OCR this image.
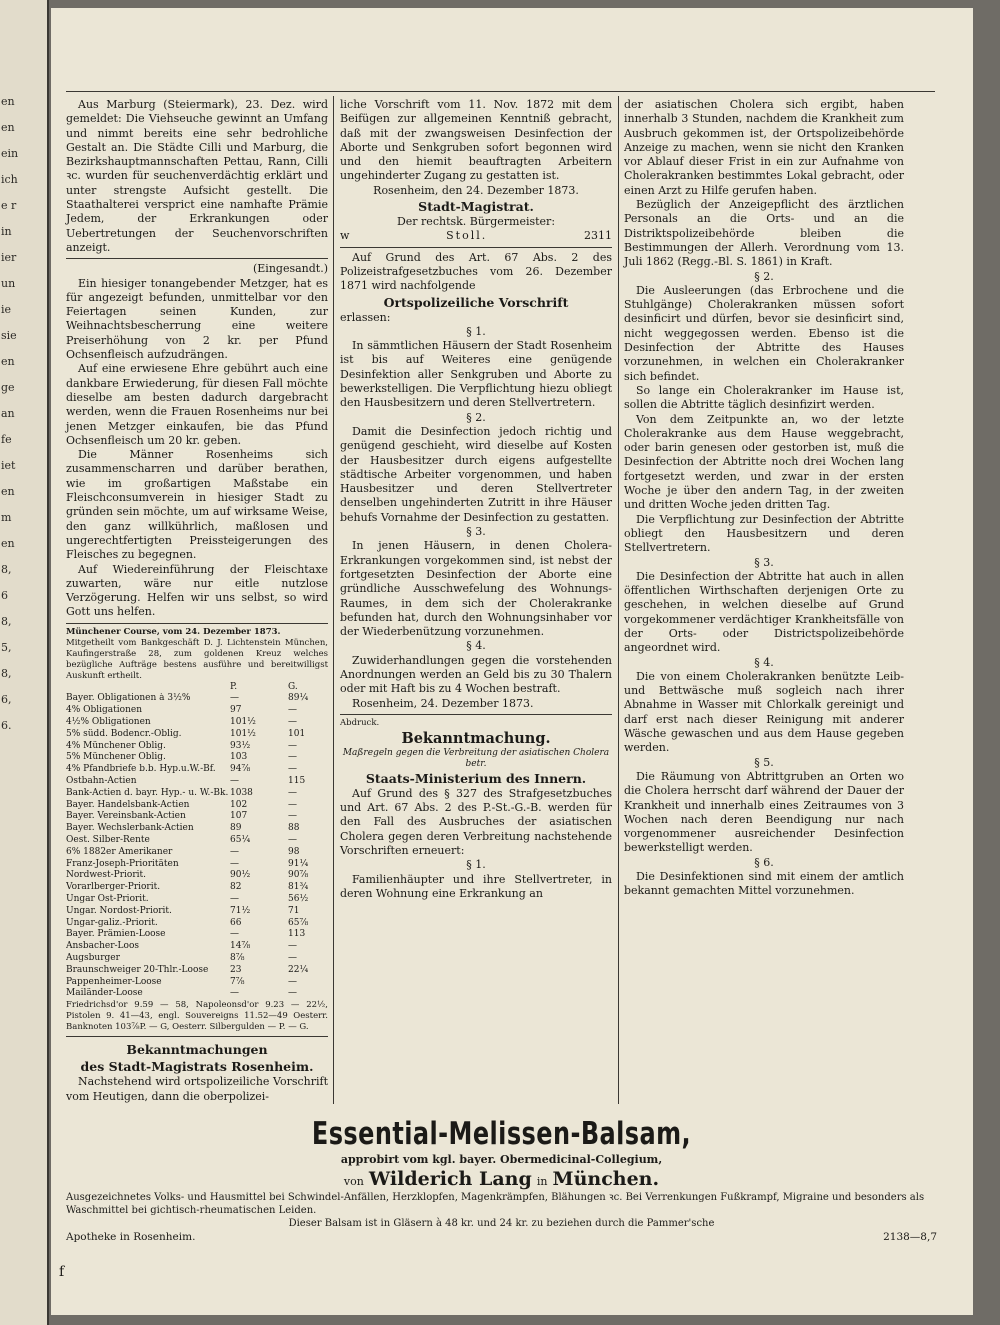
en
en
ein
ich
e r
in
ier
un
ie
sie
en
ge
an
fe
iet
en
m
en
8,
6
8,
5,
8,
6,
6.

Aus Marburg (Steiermark), 23. Dez. wird gemeldet: Die Viehseuche gewinnt an Umfang und nimmt bereits eine sehr bedrohliche Gestalt an. Die Städte Cilli und Marburg, die Bezirkshauptmannschaften Pettau, Rann, Cilli ꝛc. wurden für seuchenverdächtig erklärt und unter strengste Aufsicht gestellt. Die Staathalterei versprict eine namhafte Prämie Jedem, der Erkrankungen oder Uebertretungen der Seuchenvorschriften anzeigt.

(Eingesandt.)

Ein hiesiger tonangebender Metzger, hat es für angezeigt befunden, unmittelbar vor den Feiertagen seinen Kunden, zur Weihnachtsbescherrung eine weitere Preiserhöhung von 2 kr. per Pfund Ochsenfleisch aufzudrängen.

Auf eine erwiesene Ehre gebührt auch eine dankbare Erwiederung, für diesen Fall möchte dieselbe am besten dadurch dargebracht werden, wenn die Frauen Rosenheims nur bei jenen Metzger einkaufen, bie das Pfund Ochsenfleisch um 20 kr. geben.

Die Männer Rosenheims sich zusammenscharren und darüber berathen, wie im großartigen Maßstabe ein Fleischconsumverein in hiesiger Stadt zu gründen sein möchte, um auf wirksame Weise, den ganz willkührlich, maßlosen und ungerechtfertigten Preissteigerungen des Fleisches zu begegnen.

Auf Wiedereinführung der Fleischtaxe zuwarten, wäre nur eitle nutzlose Verzögerung. Helfen wir uns selbst, so wird Gott uns helfen.

Münchener Course, vom 24. Dezember 1873.

Mitgetheilt vom Bankgeschäft D. J. Lichtenstein München, Kaufingerstraße 28, zum goldenen Kreuz welches bezügliche Aufträge bestens ausführe und bereitwilligst Auskunft ertheilt.

P.	G.
Bayer. Obligationen à 3½%	—	89¼
4% Obligationen	97	—
4½% Obligationen	101½	—
5% südd. Bodencr.-Oblig.	101½	101
4% Münchener Oblig.	93½	—
5% Münchener Oblig.	103	—
4% Pfandbriefe b.b. Hyp.u.W.-Bf.	94⅞	—
Ostbahn-Actien	—	115
Bank-Actien d. bayr. Hyp.- u. W.-Bk. 1038	—
Bayer. Handelsbank-Actien	102	—
Bayer. Vereinsbank-Actien	107	—
Bayer. Wechslerbank-Actien	89	88
Oest. Silber-Rente	65¼	—
6% 1882er Amerikaner	—	98
Franz-Joseph-Prioritäten	—	91¼
Nordwest-Priorit.	90½	90⅞
Vorarlberger-Priorit.	82	81¾
Ungar Ost-Priorit.	—	56½
Ungar. Nordost-Priorit.	71½	71
Ungar-galiz.-Priorit.	66	65⅞
Bayer. Prämien-Loose	—	113
Ansbacher-Loos	14⅞	—
Augsburger	8⅞	—
Braunschweiger 20-Thlr.-Loose	23	22¼
Pappenheimer-Loose	7⅞	—
Mailänder-Loose	—	—

Friedrichsd'or 9.59 — 58, Napoleonsd'or 9.23 — 22½, Pistolen 9. 41—43, engl. Souvereigns 11.52—49 Oesterr. Banknoten 103⅞P. — G, Oesterr. Silbergulden — P. — G.

Bekanntmachungen
des Stadt-Magistrats Rosenheim.

Nachstehend wird ortspolizeiliche Vorschrift vom Heutigen, dann die oberpolizei-

liche Vorschrift vom 11. Nov. 1872 mit dem Beifügen zur allgemeinen Kenntniß gebracht, daß mit der zwangsweisen Desinfection der Aborte und Senkgruben sofort begonnen wird und den hiemit beauftragten Arbeitern ungehinderter Zugang zu gestatten ist.

Rosenheim, den 24. Dezember 1873.

Stadt-Magistrat.

Der rechtsk. Bürgermeister:

w	Stoll.	2311

Auf Grund des Art. 67 Abs. 2 des Polizeistrafgesetzbuches vom 26. Dezember 1871 wird nachfolgende

Ortspolizeiliche Vorschrift

erlassen:

§ 1.

In sämmtlichen Häusern der Stadt Rosenheim ist bis auf Weiteres eine genügende Desinfektion aller Senkgruben und Aborte zu bewerkstelligen. Die Verpflichtung hiezu obliegt den Hausbesitzern und deren Stellvertretern.

§ 2.

Damit die Desinfection jedoch richtig und genügend geschieht, wird dieselbe auf Kosten der Hausbesitzer durch eigens aufgestellte städtische Arbeiter vorgenommen, und haben Hausbesitzer und deren Stellvertreter denselben ungehinderten Zutritt in ihre Häuser behufs Vornahme der Desinfection zu gestatten.

§ 3.

In jenen Häusern, in denen Cholera-Erkrankungen vorgekommen sind, ist nebst der fortgesetzten Desinfection der Aborte eine gründliche Ausschwefelung des Wohnungs-Raumes, in dem sich der Cholerakranke befunden hat, durch den Wohnungsinhaber vor der Wiederbenützung vorzunehmen.

§ 4.

Zuwiderhandlungen gegen die vorstehenden Anordnungen werden an Geld bis zu 30 Thalern oder mit Haft bis zu 4 Wochen bestraft.

Rosenheim, 24. Dezember 1873.

Abdruck.

Bekanntmachung.
Maßregeln gegen die Verbreitung der asiatischen Cholera betr.
Staats-Ministerium des Innern.

Auf Grund des § 327 des Strafgesetzbuches und Art. 67 Abs. 2 des P.-St.-G.-B. werden für den Fall des Ausbruches der asiatischen Cholera gegen deren Verbreitung nachstehende Vorschriften erneuert:

§ 1.

Familienhäupter und ihre Stellvertreter, in deren Wohnung eine Erkrankung an

der asiatischen Cholera sich ergibt, haben innerhalb 3 Stunden, nachdem die Krankheit zum Ausbruch gekommen ist, der Ortspolizeibehörde Anzeige zu machen, wenn sie nicht den Kranken vor Ablauf dieser Frist in ein zur Aufnahme von Cholerakranken bestimmtes Lokal gebracht, oder einen Arzt zu Hilfe gerufen haben.

Bezüglich der Anzeigepflicht des ärztlichen Personals an die Orts- und an die Distriktspolizeibehörde bleiben die Bestimmungen der Allerh. Verordnung vom 13. Juli 1862 (Regg.-Bl. S. 1861) in Kraft.

§ 2.

Die Ausleerungen (das Erbrochene und die Stuhlgänge) Cholerakranken müssen sofort desinficirt und dürfen, bevor sie desinficirt sind, nicht weggegossen werden. Ebenso ist die Desinfection der Abtritte des Hauses vorzunehmen, in welchen ein Cholerakranker sich befindet.

So lange ein Cholerakranker im Hause ist, sollen die Abtritte täglich desinfizirt werden.

Von dem Zeitpunkte an, wo der letzte Cholerakranke aus dem Hause weggebracht, oder barin genesen oder gestorben ist, muß die Desinfection der Abtritte noch drei Wochen lang fortgesetzt werden, und zwar in der ersten Woche je über den andern Tag, in der zweiten und dritten Woche jeden dritten Tag.

Die Verpflichtung zur Desinfection der Abtritte obliegt den Hausbesitzern und deren Stellvertretern.

§ 3.

Die Desinfection der Abtritte hat auch in allen öffentlichen Wirthschaften derjenigen Orte zu geschehen, in welchen dieselbe auf Grund vorgekommener verdächtiger Krankheitsfälle von der Orts- oder Districtspolizeibehörde angeordnet wird.

§ 4.

Die von einem Cholerakranken benützte Leib- und Bettwäsche muß sogleich nach ihrer Abnahme in Wasser mit Chlorkalk gereinigt und darf erst nach dieser Reinigung mit anderer Wäsche gewaschen und aus dem Hause gegeben werden.

§ 5.

Die Räumung von Abtrittgruben an Orten wo die Cholera herrscht darf während der Dauer der Krankheit und innerhalb eines Zeitraumes von 3 Wochen nach deren Beendigung nur nach vorgenommener ausreichender Desinfection bewerkstelligt werden.

§ 6.

Die Desinfektionen sind mit einem der amtlich bekannt gemachten Mittel vorzunehmen.

Essential-Melissen-Balsam,
approbirt vom kgl. bayer. Obermedicinal-Collegium,
von Wilderich Lang in München.
Ausgezeichnetes Volks- und Hausmittel bei Schwindel-Anfällen, Herzklopfen, Magenkrämpfen, Blähungen ꝛc. Bei Verrenkungen Fußkrampf, Migraine und besonders als Waschmittel bei gichtisch-rheumatischen Leiden.
Dieser Balsam ist in Gläsern à 48 kr. und 24 kr. zu beziehen durch die Pammer'sche
Apotheke in Rosenheim.	2138—8,7
f
